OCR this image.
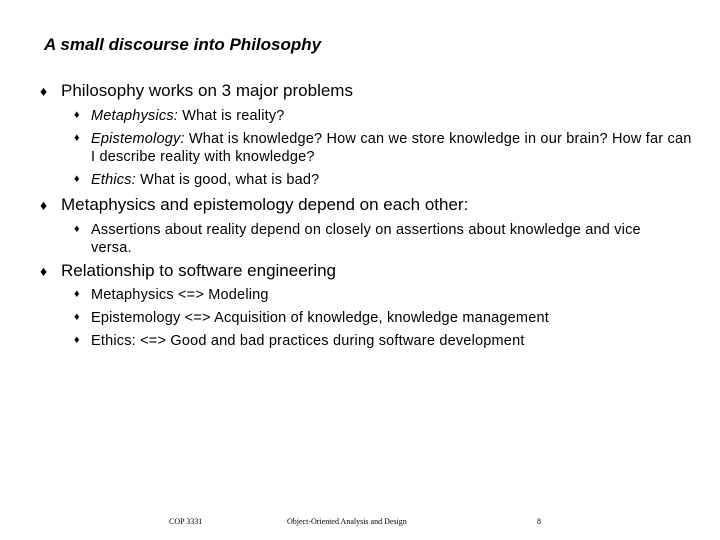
A small discourse into Philosophy
♦ Philosophy works on 3 major problems
♦ Metaphysics: What is reality?
♦ Epistemology: What is knowledge? How can we store knowledge in our brain? How far can I describe reality with knowledge?
♦ Ethics: What is good, what is bad?
♦ Metaphysics and epistemology depend on each other:
♦ Assertions about reality depend on closely on assertions about knowledge and vice versa.
♦ Relationship to software engineering
♦ Metaphysics <=> Modeling
♦ Epistemology <=> Acquisition of knowledge, knowledge management
♦ Ethics: <=> Good and bad practices during software development
COP 3331	Object-Oriented Analysis and Design	8
